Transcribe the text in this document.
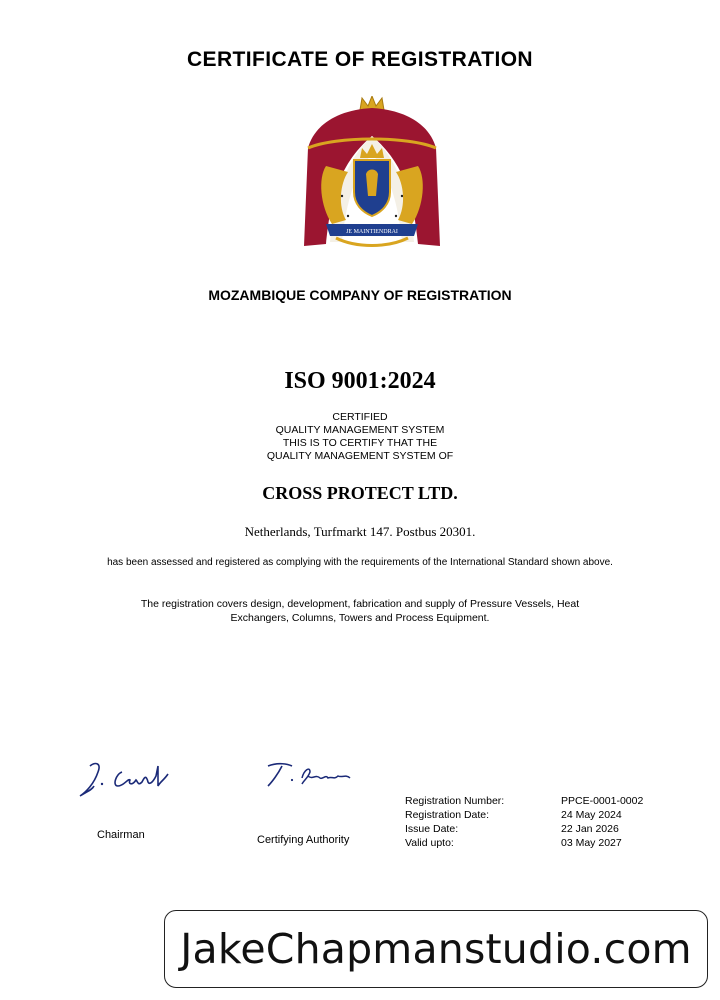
CERTIFICATE OF REGISTRATION
JE MAINTIENDRAI
MOZAMBIQUE COMPANY OF REGISTRATION
ISO 9001:2024
CERTIFIED
QUALITY MANAGEMENT SYSTEM
THIS IS TO CERTIFY THAT THE
QUALITY MANAGEMENT SYSTEM OF
CROSS PROTECT LTD.
Netherlands, Turfmarkt 147. Postbus 20301.
has been assessed and registered as complying with the requirements of the International Standard shown above.
The registration covers design, development, fabrication and supply of Pressure Vessels, Heat
Exchangers, Columns, Towers and Process Equipment.
Chairman	Certifying Authority
Registration Number:	PPCE-0001-0002
Registration Date:	24 May 2024
Issue Date:	22 Jan 2026
Valid upto:	03 May 2027
JakeChapmanstudio.com
